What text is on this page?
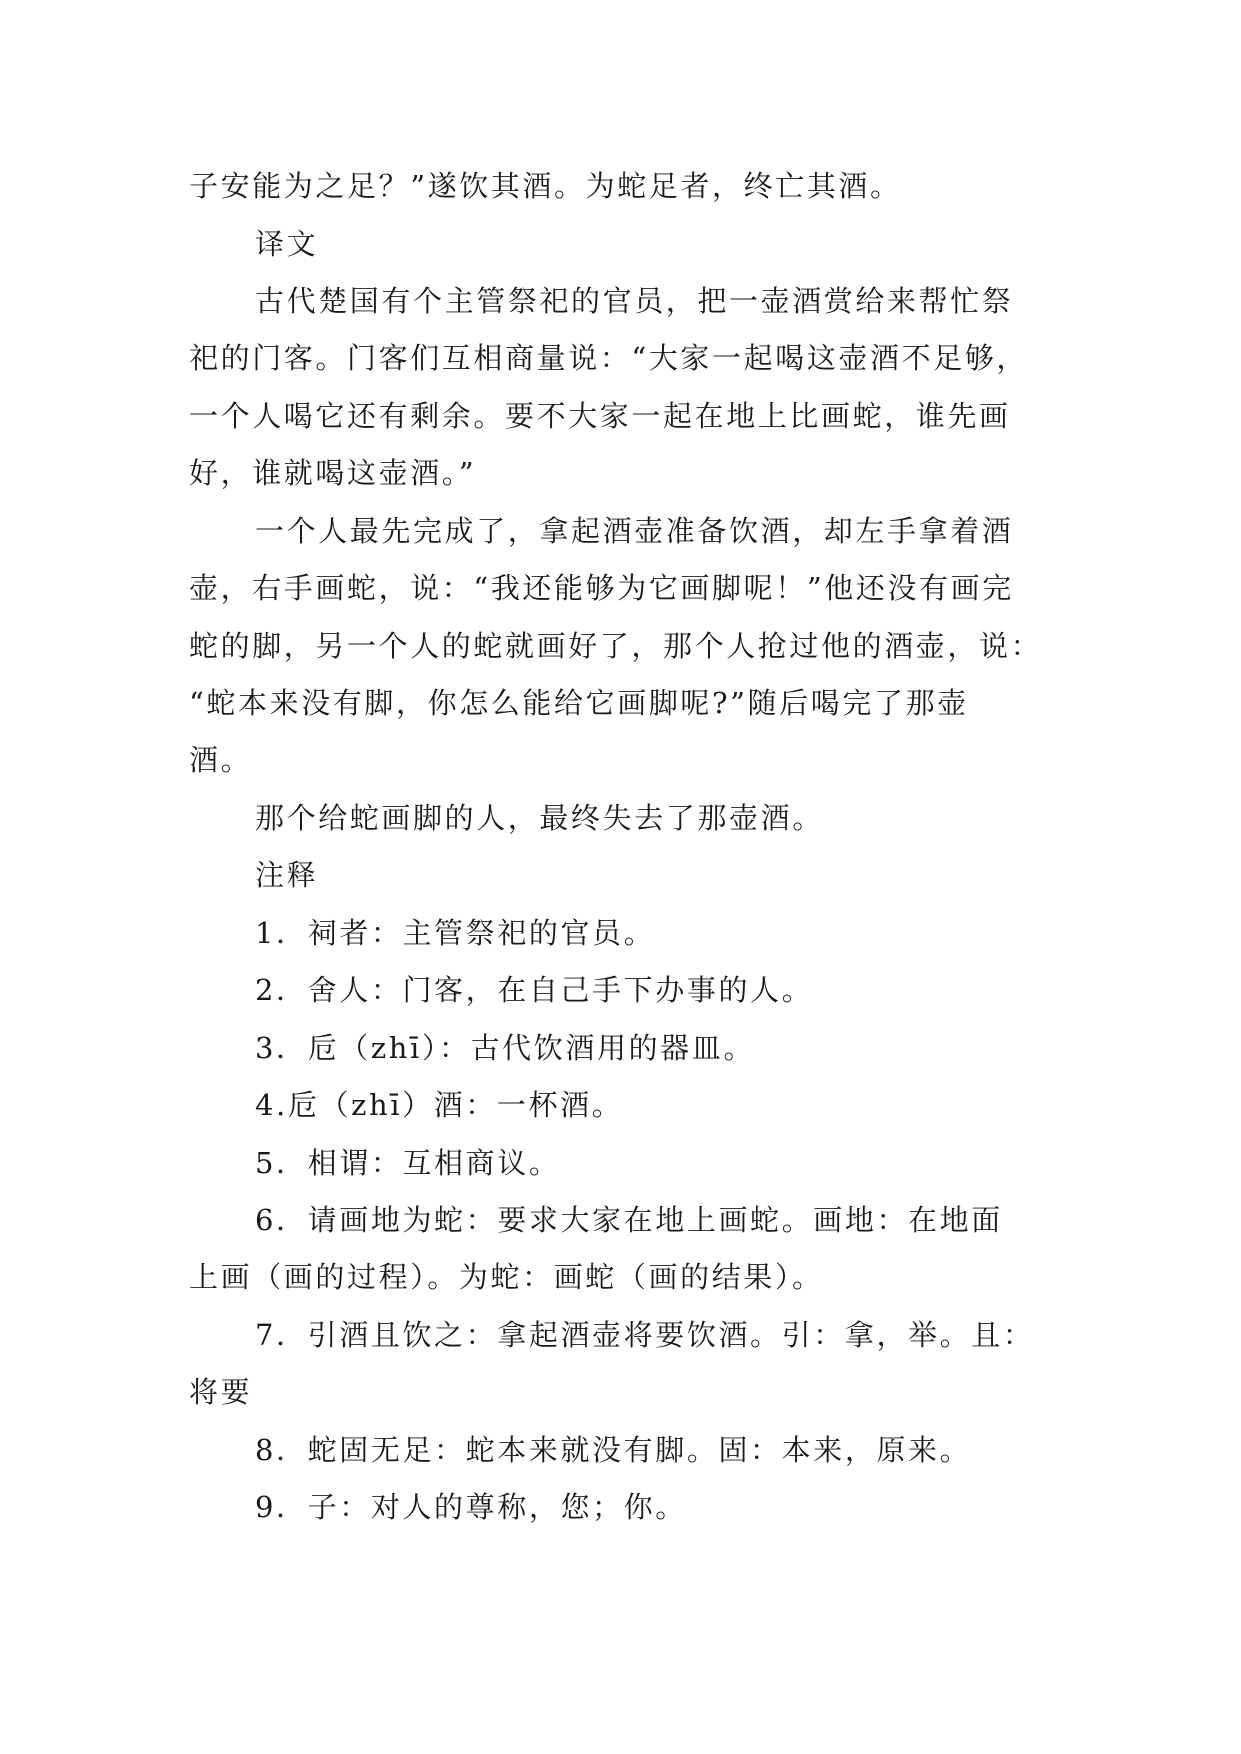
子安能为之足？”遂饮其酒。为蛇足者，终亡其酒。

译文

古代楚国有个主管祭祀的官员，把一壶酒赏给来帮忙祭

祀的门客。门客们互相商量说：“大家一起喝这壶酒不足够，

一个人喝它还有剩余。要不大家一起在地上比画蛇，谁先画

好，谁就喝这壶酒。”

一个人最先完成了，拿起酒壶准备饮酒，却左手拿着酒

壶，右手画蛇，说：“我还能够为它画脚呢！”他还没有画完

蛇的脚，另一个人的蛇就画好了，那个人抢过他的酒壶，说：

“蛇本来没有脚，你怎么能给它画脚呢?”随后喝完了那壶

酒。

那个给蛇画脚的人，最终失去了那壶酒。

注释

1．祠者：主管祭祀的官员。

2．舍人：门客，在自己手下办事的人。

3．卮（zhī）：古代饮酒用的器皿。

4.卮（zhī）酒：一杯酒。

5．相谓：互相商议。

6．请画地为蛇：要求大家在地上画蛇。画地：在地面

上画（画的过程）。为蛇：画蛇（画的结果）。

7．引酒且饮之：拿起酒壶将要饮酒。引：拿，举。且：

将要

8．蛇固无足：蛇本来就没有脚。固：本来，原来。

9．子：对人的尊称，您；你。
